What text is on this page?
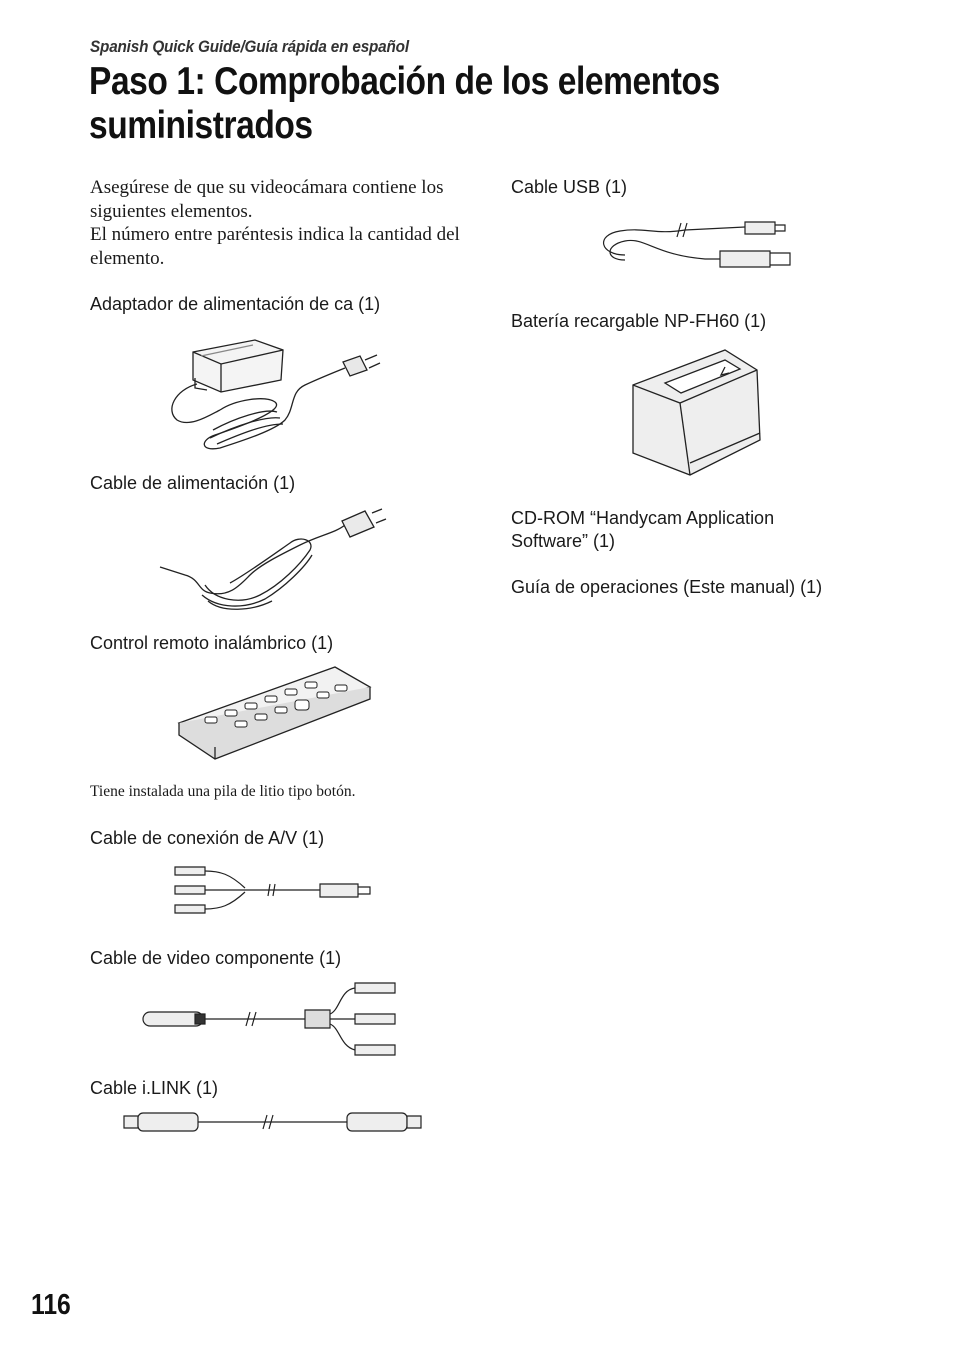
Spanish Quick Guide/Guía rápida en español
Paso 1: Comprobación de los elementos suministrados
Asegúrese de que su videocámara contiene los siguientes elementos.
El número entre paréntesis indica la cantidad del elemento.
Adaptador de alimentación de ca (1)
Cable de alimentación (1)
Control remoto inalámbrico (1)
Tiene instalada una pila de litio tipo botón.
Cable de conexión de A/V (1)
Cable de video componente (1)
Cable i.LINK (1)
Cable USB (1)
Batería recargable NP-FH60 (1)
CD-ROM “Handycam Application Software” (1)
Guía de operaciones (Este manual) (1)
116
